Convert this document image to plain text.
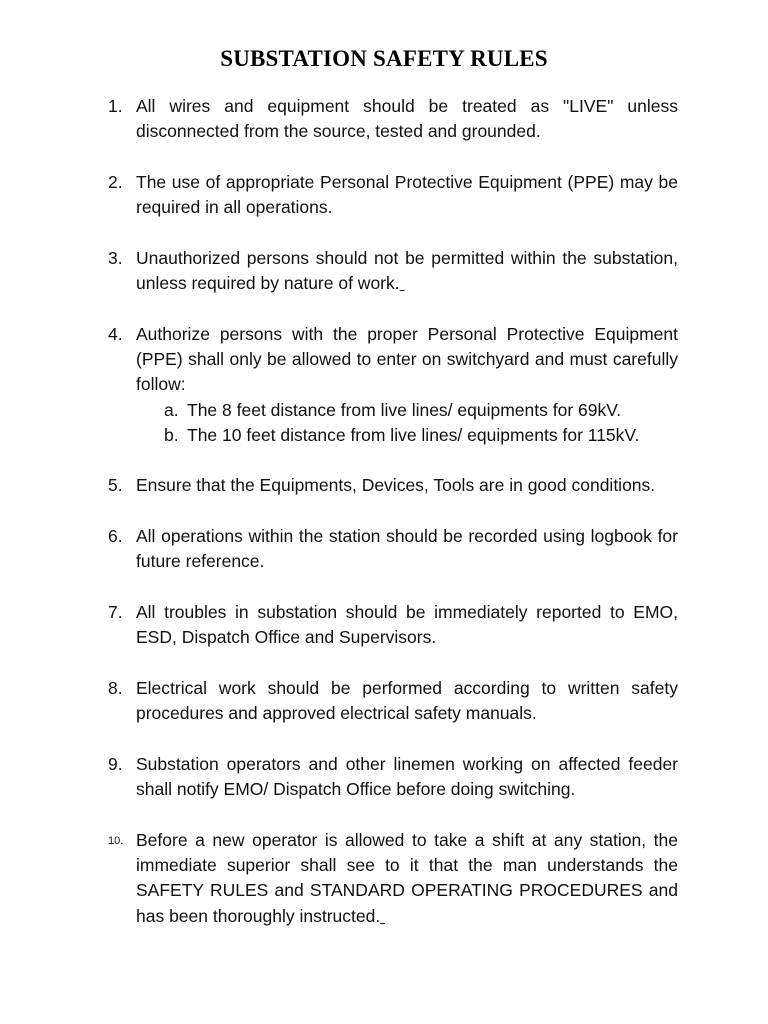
SUBSTATION SAFETY RULES
1. All wires and equipment should be treated as "LIVE" unless disconnected from the source, tested and grounded.
2. The use of appropriate Personal Protective Equipment (PPE) may be required in all operations.
3. Unauthorized persons should not be permitted within the substation, unless required by nature of work.
4. Authorize persons with the proper Personal Protective Equipment (PPE) shall only be allowed to enter on switchyard and must carefully follow:
a. The 8 feet distance from live lines/ equipments for 69kV.
b. The 10 feet distance from live lines/ equipments for 115kV.
5. Ensure that the Equipments, Devices, Tools are in good conditions.
6. All operations within the station should be recorded using logbook for future reference.
7. All troubles in substation should be immediately reported to EMO, ESD, Dispatch Office and Supervisors.
8. Electrical work should be performed according to written safety procedures and approved electrical safety manuals.
9. Substation operators and other linemen working on affected feeder shall notify EMO/ Dispatch Office before doing switching.
10. Before a new operator is allowed to take a shift at any station, the immediate superior shall see to it that the man understands the SAFETY RULES and STANDARD OPERATING PROCEDURES and has been thoroughly instructed.
